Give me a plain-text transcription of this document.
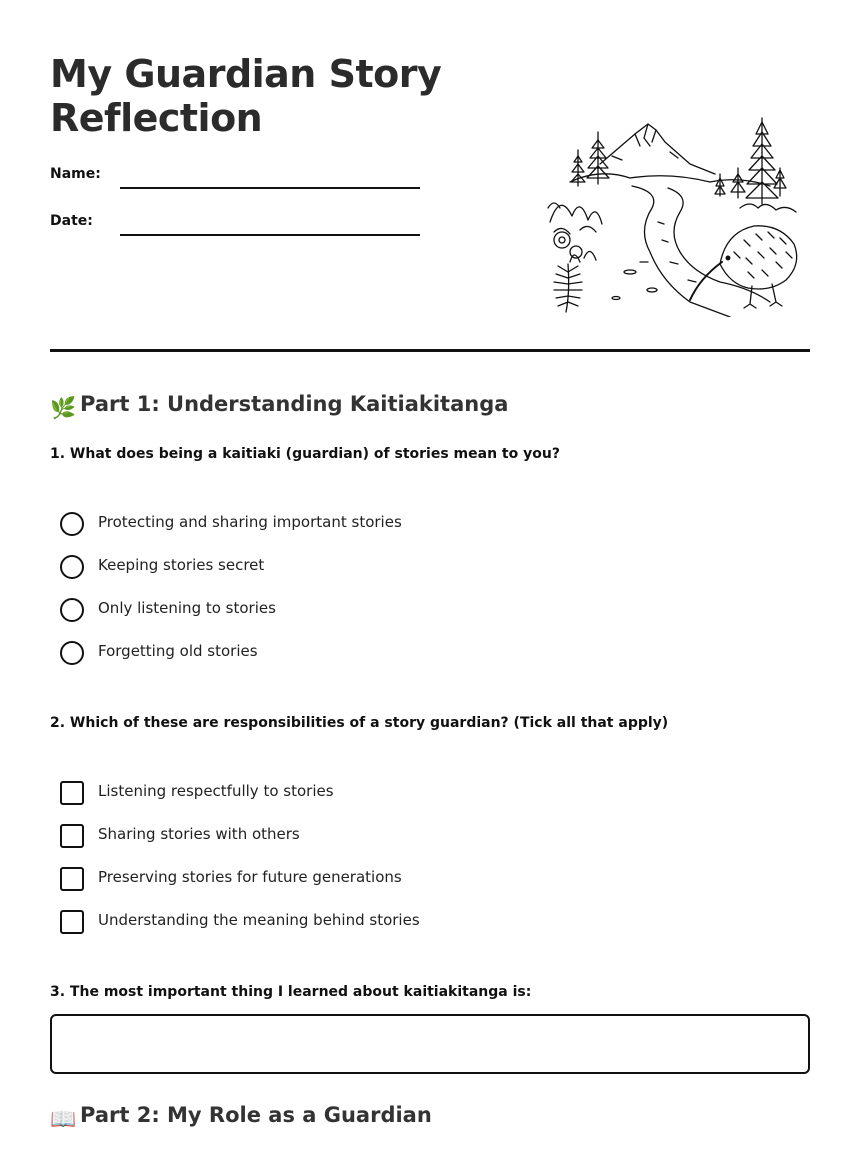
My Guardian Story Reflection
Name:
Date:
🌿 Part 1: Understanding Kaitiakitanga

1. What does being a kaitiaki (guardian) of stories mean to you?

Protecting and sharing important stories
Keeping stories secret
Only listening to stories
Forgetting old stories

2. Which of these are responsibilities of a story guardian? (Tick all that apply)

Listening respectfully to stories
Sharing stories with others
Preserving stories for future generations
Understanding the meaning behind stories

3. The most important thing I learned about kaitiakitanga is:

📖 Part 2: My Role as a Guardian
